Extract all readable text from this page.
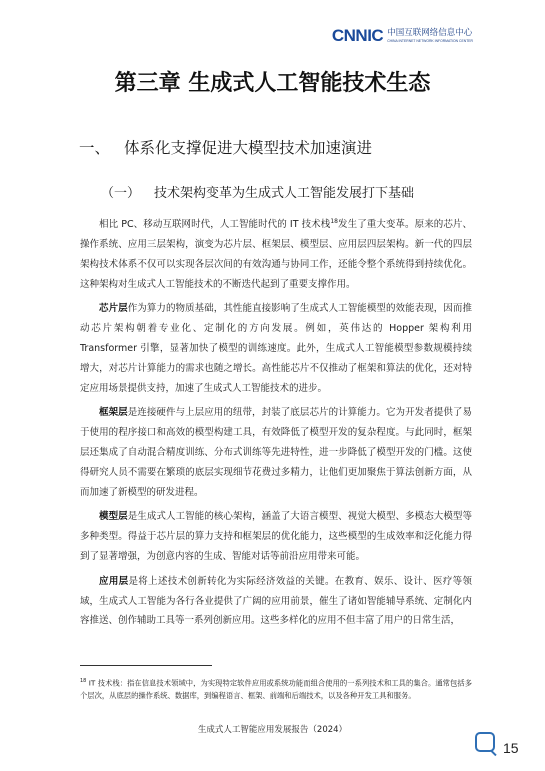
CNNIC 中国互联网络信息中心
CHINA INTERNET NETWORK INFORMATION CENTER
第三章 生成式人工智能技术生态
一、 体系化支撑促进大模型技术加速演进
（一） 技术架构变革为生成式人工智能发展打下基础

相比 PC、移动互联网时代，人工智能时代的 IT 技术栈$^{18}$发生了重大变革。原来的芯片、操作系统、应用三层架构，演变为芯片层、框架层、模型层、应用层四层架构。新一代的四层架构技术体系不仅可以实现各层次间的有效沟通与协同工作，还能令整个系统得到持续优化。这种架构对生成式人工智能技术的不断迭代起到了重要支撑作用。

芯片层作为算力的物质基础，其性能直接影响了生成式人工智能模型的效能表现，因而推动芯片架构朝着专业化、定制化的方向发展。例如，英伟达的 Hopper 架构利用 Transformer 引擎，显著加快了模型的训练速度。此外，生成式人工智能模型参数规模持续增大，对芯片计算能力的需求也随之增长。高性能芯片不仅推动了框架和算法的优化，还对特定应用场景提供支持，加速了生成式人工智能技术的进步。

框架层是连接硬件与上层应用的纽带，封装了底层芯片的计算能力。它为开发者提供了易于使用的程序接口和高效的模型构建工具，有效降低了模型开发的复杂程度。与此同时，框架层还集成了自动混合精度训练、分布式训练等先进特性，进一步降低了模型开发的门槛。这使得研究人员不需要在繁琐的底层实现细节花费过多精力，让他们更加聚焦于算法创新方面，从而加速了新模型的研发进程。

模型层是生成式人工智能的核心架构，涵盖了大语言模型、视觉大模型、多模态大模型等多种类型。得益于芯片层的算力支持和框架层的优化能力，这些模型的生成效率和泛化能力得到了显著增强，为创意内容的生成、智能对话等前沿应用带来可能。

应用层是将上述技术创新转化为实际经济效益的关键。在教育、娱乐、设计、医疗等领域，生成式人工智能为各行各业提供了广阔的应用前景，催生了诸如智能辅导系统、定制化内容推送、创作辅助工具等一系列创新应用。这些多样化的应用不但丰富了用户的日常生活，

$^{18}$ IT 技术栈：指在信息技术领域中，为实现特定软件应用或系统功能而组合使用的一系列技术和工具的集合。通常包括多个层次，从底层的操作系统、数据库，到编程语言、框架、前端和后端技术，以及各种开发工具和服务。

生成式人工智能应用发展报告（2024）
15
